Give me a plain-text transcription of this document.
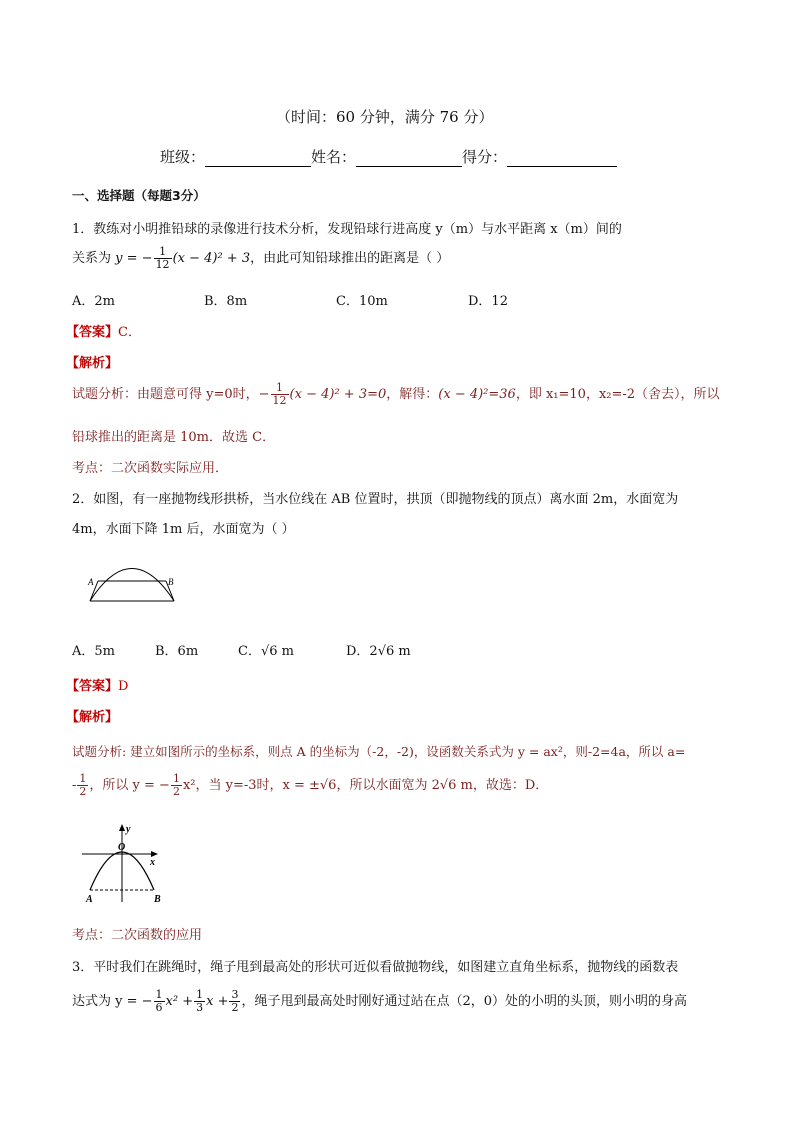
（时间：60 分钟，满分 76 分）
班级：	姓名：	得分：
一、选择题（每题3分）
1．教练对小明推铅球的录像进行技术分析，发现铅球行进高度 y（m）与水平距离 x（m）间的
关系为 y = − $\frac{1}{12} (x - 4)^2 + 3$，由此可知铅球推出的距离是（ ）
A．2m	B．8m	C．10m	D．12
【答案】C．
【解析】
试题分析：由题意可得 y=0时，− $\frac{1}{12} (x - 4)^2 + 3=0$，解得：(x − 4)²=36，即 x₁=10，x₂=-2（舍去），所以
铅球推出的距离是 10m．故选 C．
考点：二次函数实际应用．
2．如图，有一座抛物线形拱桥，当水位线在 AB 位置时，拱顶（即抛物线的顶点）离水面 2m，水面宽为
4m，水面下降 1m 后，水面宽为（ ）
A	B
A．5m	B．6m	C．√6 m	D．2√6 m
【答案】D
【解析】
试题分析: 建立如图所示的坐标系，则点 A 的坐标为（-2，-2)，设函数关系式为 y = ax²，则-2=4a，所以 a=
- $\frac{1}{2}$ ，所以 y = − $\frac{1}{2} x^2$，当 y=-3时，x = ±√6，所以水面宽为 2√6 m，故选：D．
y
O
x
A	B
考点：二次函数的应用
3．平时我们在跳绳时，绳子甩到最高处的形状可近似看做抛物线，如图建立直角坐标系，抛物线的函数表
达式为 y = − $\frac{1}{6} x^2 + \frac{1}{3}$ $x + \frac{3}{2}$ ，绳子甩到最高处时刚好通过站在点（2，0）处的小明的头顶，则小明的身高
